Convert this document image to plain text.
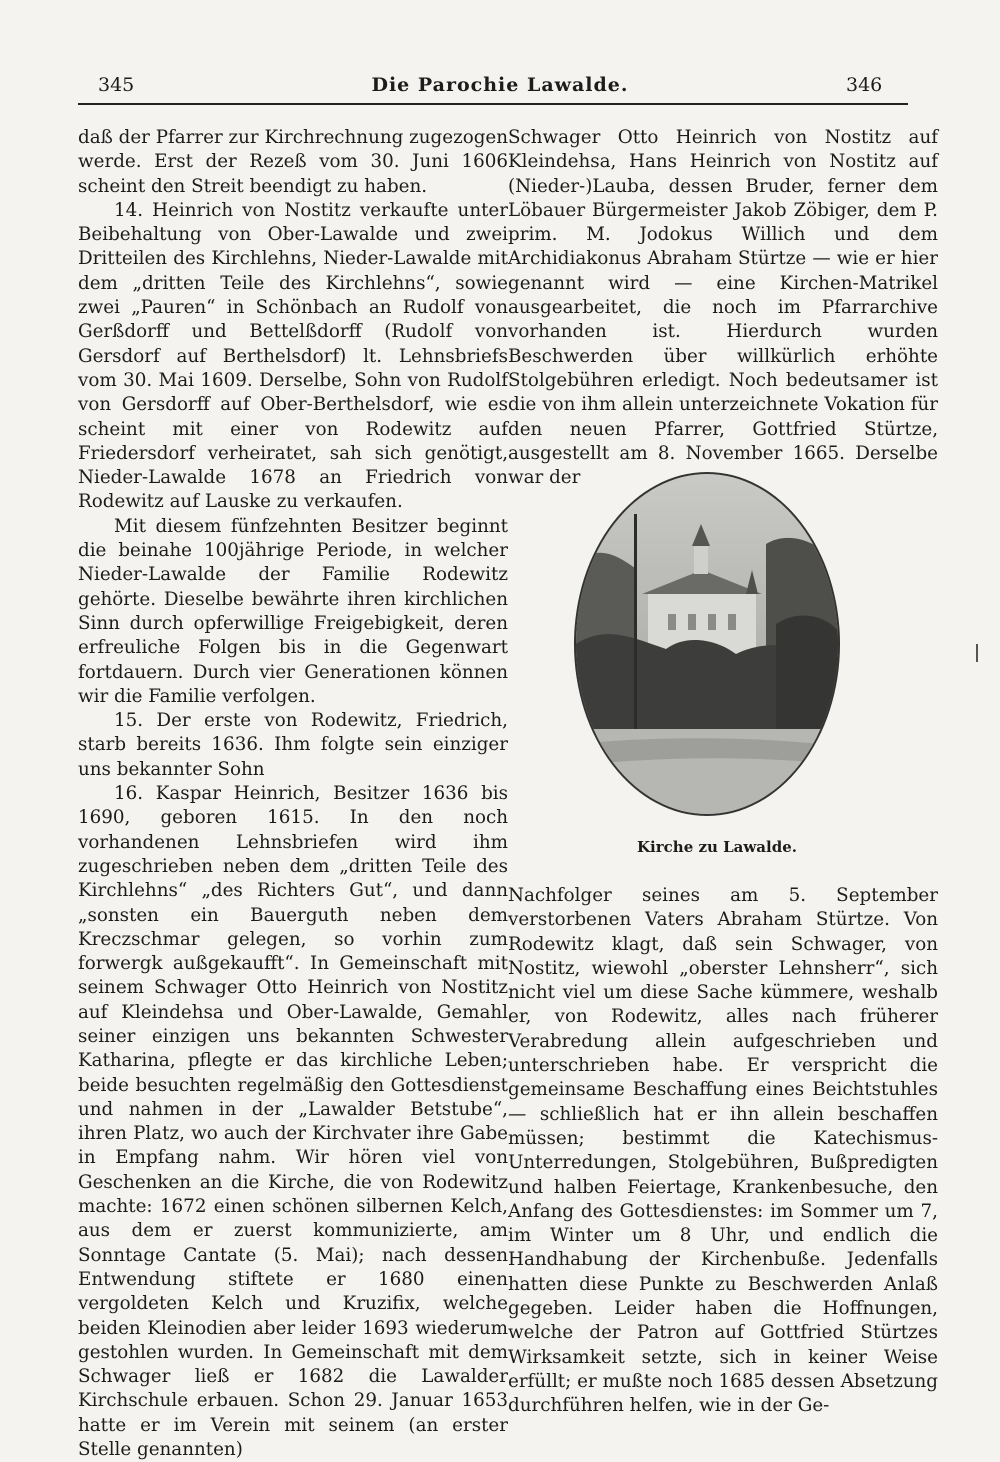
345	Die Parochie Lawalde.	346

daß der Pfarrer zur Kirchrechnung zugezogen werde. Erst der Rezeß vom 30. Juni 1606 scheint den Streit beendigt zu haben.

14. Heinrich von Nostitz verkaufte unter Beibehaltung von Ober-Lawalde und zwei Dritteilen des Kirchlehns, Nieder-Lawalde mit dem „dritten Teile des Kirchlehns“, sowie zwei „Pauren“ in Schönbach an Rudolf von Gerßdorff und Bettelßdorff (Rudolf von Gersdorf auf Berthelsdorf) lt. Lehnsbriefs vom 30. Mai 1609. Derselbe, Sohn von Rudolf von Gersdorff auf Ober-Berthelsdorf, wie es scheint mit einer von Rodewitz auf Friedersdorf verheiratet, sah sich genötigt, Nieder-Lawalde 1678 an Friedrich von Rodewitz auf Lauske zu verkaufen.

Mit diesem fünfzehnten Besitzer beginnt die beinahe 100jährige Periode, in welcher Nieder-Lawalde der Familie Rodewitz gehörte. Dieselbe bewährte ihren kirchlichen Sinn durch opferwillige Freigebigkeit, deren erfreuliche Folgen bis in die Gegenwart fortdauern. Durch vier Generationen können wir die Familie verfolgen.

15. Der erste von Rodewitz, Friedrich, starb bereits 1636. Ihm folgte sein einziger uns bekannter Sohn

16. Kaspar Heinrich, Besitzer 1636 bis 1690, geboren 1615. In den noch vorhandenen Lehnsbriefen wird ihm zugeschrieben neben dem „dritten Teile des Kirchlehns“ „des Richters Gut“, und dann „sonsten ein Bauerguth neben dem Kreczschmar gelegen, so vorhin zum forwergk außgekaufft“. In Gemeinschaft mit seinem Schwager Otto Heinrich von Nostitz auf Kleindehsa und Ober-Lawalde, Gemahl seiner einzigen uns bekannten Schwester Katharina, pflegte er das kirchliche Leben; beide besuchten regelmäßig den Gottesdienst und nahmen in der „Lawalder Betstube“, ihren Platz, wo auch der Kirchvater ihre Gabe in Empfang nahm. Wir hören viel von Geschenken an die Kirche, die von Rodewitz machte: 1672 einen schönen silbernen Kelch, aus dem er zuerst kommunizierte, am Sonntage Cantate (5. Mai); nach dessen Entwendung stiftete er 1680 einen vergoldeten Kelch und Kruzifix, welche beiden Kleinodien aber leider 1693 wiederum gestohlen wurden. In Gemeinschaft mit dem Schwager ließ er 1682 die Lawalder Kirchschule erbauen. Schon 29. Januar 1653 hatte er im Verein mit seinem (an erster Stelle genannten)

Schwager Otto Heinrich von Nostitz auf Kleindehsa, Hans Heinrich von Nostitz auf (Nieder-)Lauba, dessen Bruder, ferner dem Löbauer Bürgermeister Jakob Zöbiger, dem P. prim. M. Jodokus Willich und dem Archidiakonus Abraham Stürtze — wie er hier genannt wird — eine Kirchen-Matrikel ausgearbeitet, die noch im Pfarrarchive vorhanden ist. Hierdurch wurden Beschwerden über willkürlich erhöhte Stolgebühren erledigt. Noch bedeutsamer ist die von ihm allein unterzeichnete Vokation für den neuen Pfarrer, Gottfried Stürtze, ausgestellt am 8. November 1665. Derselbe war der

Kirche zu Lawalde.

Nachfolger seines am 5. September verstorbenen Vaters Abraham Stürtze. Von Rodewitz klagt, daß sein Schwager, von Nostitz, wiewohl „oberster Lehnsherr“, sich nicht viel um diese Sache kümmere, weshalb er, von Rodewitz, alles nach früherer Verabredung allein aufgeschrieben und unterschrieben habe. Er verspricht die gemeinsame Beschaffung eines Beichtstuhles — schließlich hat er ihn allein beschaffen müssen; bestimmt die Katechismus-Unterredungen, Stolgebühren, Bußpredigten und halben Feiertage, Krankenbesuche, den Anfang des Gottesdienstes: im Sommer um 7, im Winter um 8 Uhr, und endlich die Handhabung der Kirchenbuße. Jedenfalls hatten diese Punkte zu Beschwerden Anlaß gegeben. Leider haben die Hoffnungen, welche der Patron auf Gottfried Stürtzes Wirksamkeit setzte, sich in keiner Weise erfüllt; er mußte noch 1685 dessen Absetzung durchführen helfen, wie in der Ge-
